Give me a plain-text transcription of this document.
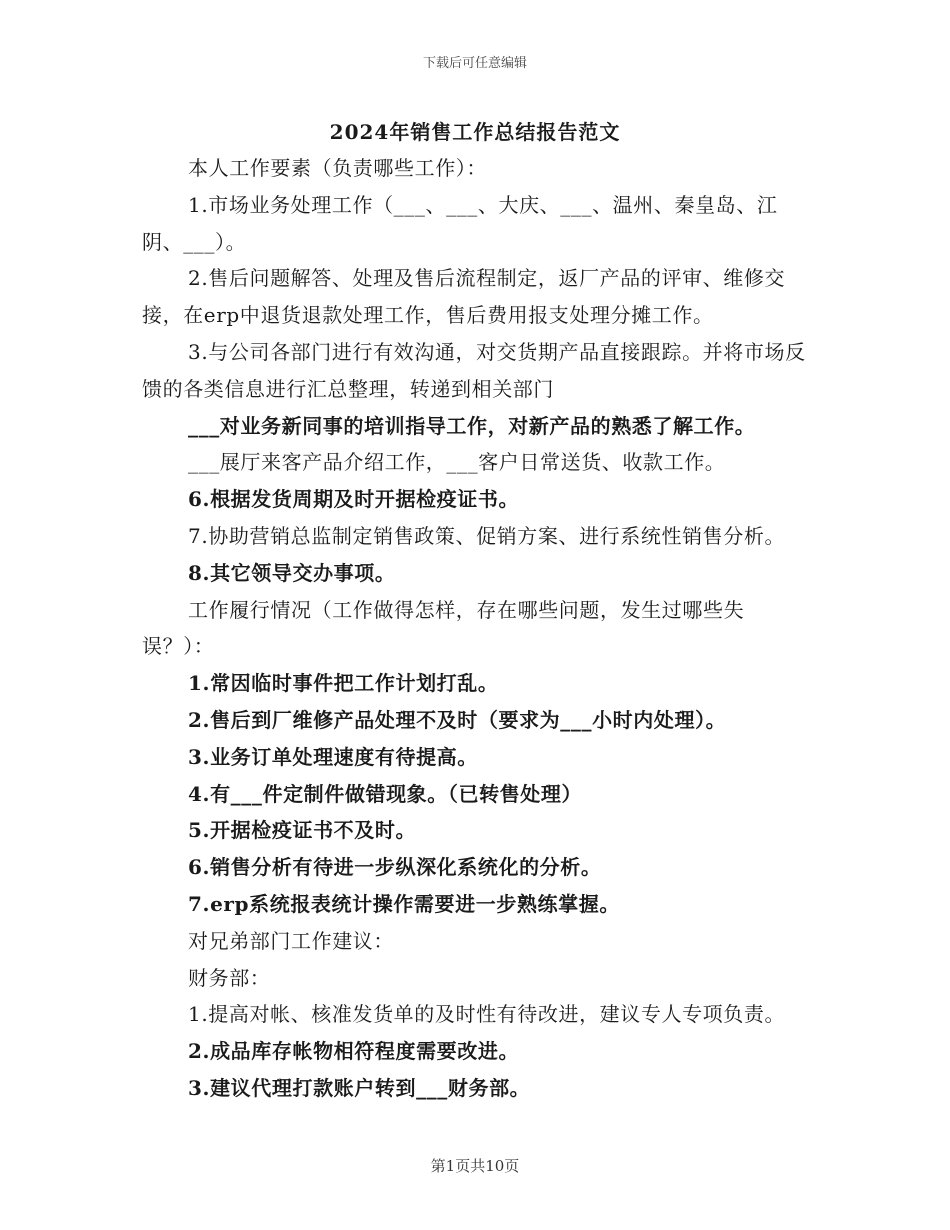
下载后可任意编辑
2024年销售工作总结报告范文

本人工作要素（负责哪些工作）：

1.市场业务处理工作（___、___、大庆、___、温州、秦皇岛、江阴、___）。

2.售后问题解答、处理及售后流程制定，返厂产品的评审、维修交接，在erp中退货退款处理工作，售后费用报支处理分摊工作。

3.与公司各部门进行有效沟通，对交货期产品直接跟踪。并将市场反馈的各类信息进行汇总整理，转递到相关部门

___对业务新同事的培训指导工作，对新产品的熟悉了解工作。

___展厅来客产品介绍工作，___客户日常送货、收款工作。

6.根据发货周期及时开据检疫证书。

7.协助营销总监制定销售政策、促销方案、进行系统性销售分析。

8.其它领导交办事项。

工作履行情况（工作做得怎样，存在哪些问题，发生过哪些失误？）：

1.常因临时事件把工作计划打乱。

2.售后到厂维修产品处理不及时（要求为___小时内处理）。

3.业务订单处理速度有待提高。

4.有___件定制件做错现象。（已转售处理）

5.开据检疫证书不及时。

6.销售分析有待进一步纵深化系统化的分析。

7.erp系统报表统计操作需要进一步熟练掌握。

对兄弟部门工作建议：

财务部：

1.提高对帐、核准发货单的及时性有待改进，建议专人专项负责。

2.成品库存帐物相符程度需要改进。

3.建议代理打款账户转到___财务部。

第1页共10页
